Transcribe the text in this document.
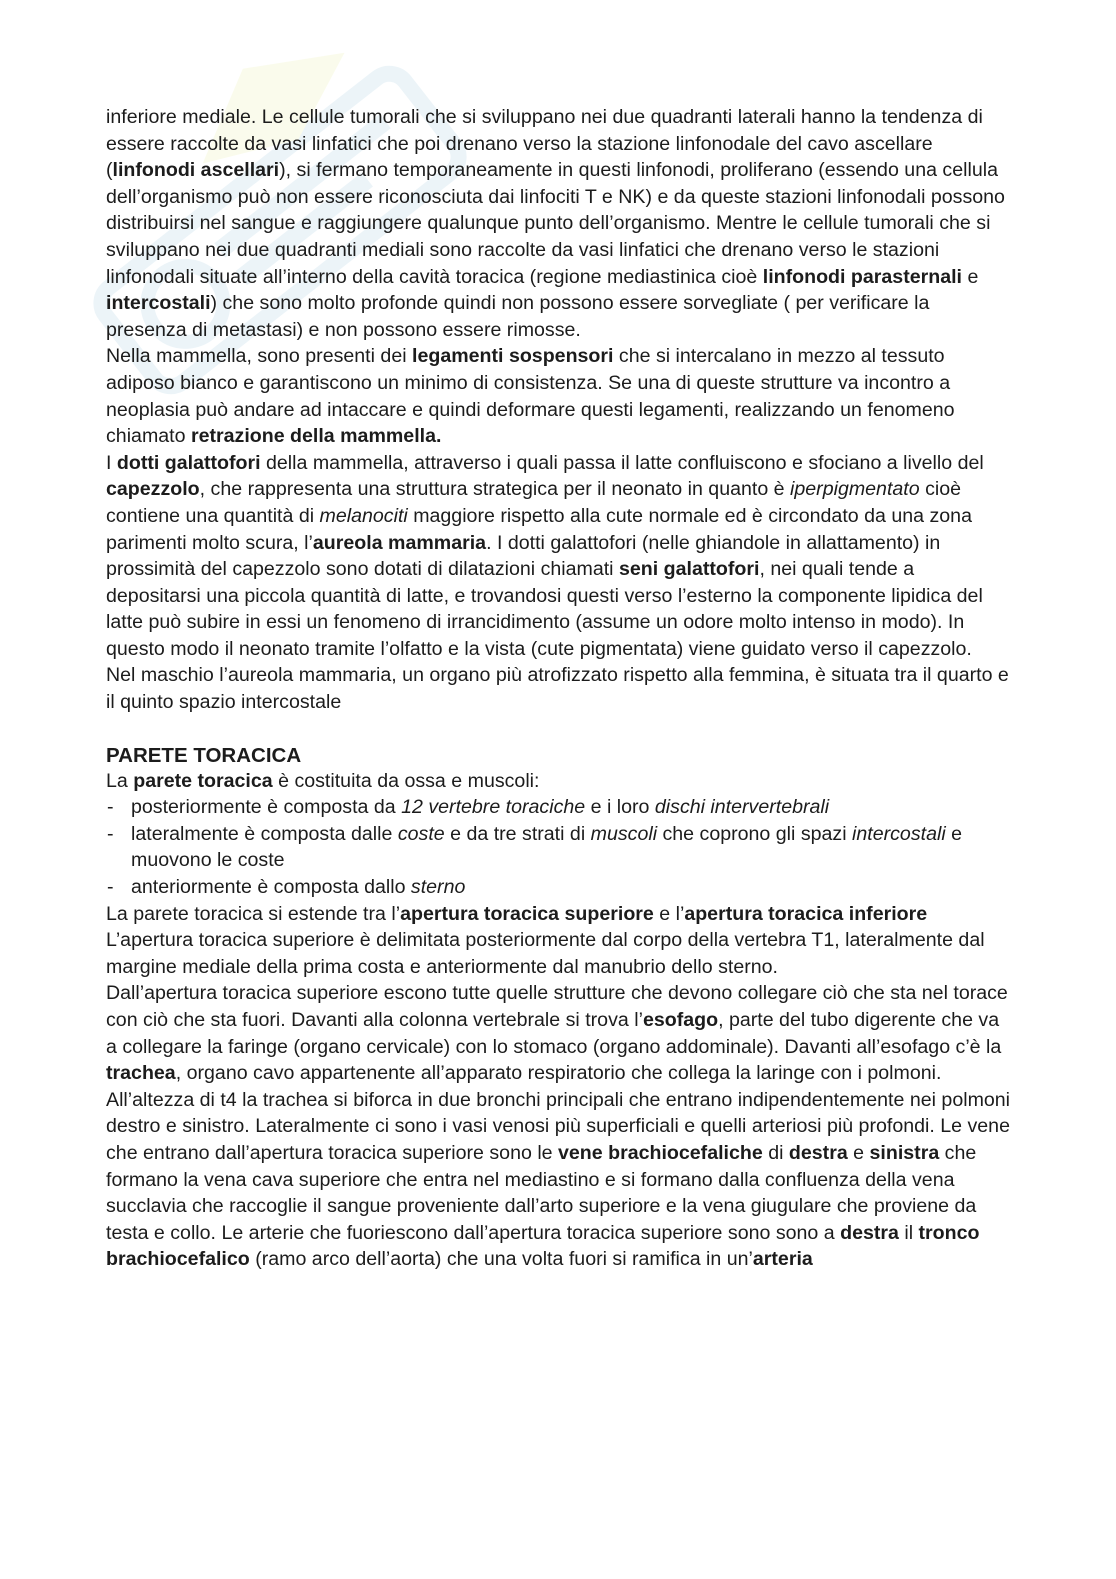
inferiore mediale. Le cellule tumorali che si sviluppano nei due quadranti laterali hanno la tendenza di essere raccolte da vasi linfatici che poi drenano verso la stazione linfonodale del cavo ascellare (linfonodi ascellari), si fermano temporaneamente in questi linfonodi, proliferano (essendo una cellula dell’organismo può non essere riconosciuta dai linfociti T e NK) e da queste stazioni linfonodali possono distribuirsi nel sangue e raggiungere qualunque punto dell’organismo. Mentre le cellule tumorali che si sviluppano nei due quadranti mediali sono raccolte da vasi linfatici che drenano verso le stazioni linfonodali situate all’interno della cavità toracica (regione mediastinica cioè linfonodi parasternali e intercostali) che sono molto profonde quindi non possono essere sorvegliate ( per verificare la presenza di metastasi) e non possono essere rimosse.

Nella mammella, sono presenti dei legamenti sospensori che si intercalano in mezzo al tessuto adiposo bianco e garantiscono un minimo di consistenza. Se una di queste strutture va incontro a neoplasia può andare ad intaccare e quindi deformare questi legamenti, realizzando un fenomeno chiamato retrazione della mammella.

I dotti galattofori della mammella, attraverso i quali passa il latte confluiscono e sfociano a livello del capezzolo, che rappresenta una struttura strategica per il neonato in quanto è iperpigmentato cioè contiene una quantità di melanociti maggiore rispetto alla cute normale ed è circondato da una zona parimenti molto scura, l’aureola mammaria. I dotti galattofori (nelle ghiandole in allattamento) in prossimità del capezzolo sono dotati di dilatazioni chiamati seni galattofori, nei quali tende a depositarsi una piccola quantità di latte, e trovandosi questi verso l’esterno la componente lipidica del latte può subire in essi un fenomeno di irrancidimento (assume un odore molto intenso in modo). In questo modo il neonato tramite l’olfatto e la vista (cute pigmentata) viene guidato verso il capezzolo.

Nel maschio l’aureola mammaria, un organo più atrofizzato rispetto alla femmina, è situata tra il quarto e il quinto spazio intercostale

PARETE TORACICA

La parete toracica è costituita da ossa e muscoli:

- posteriormente è composta da 12 vertebre toraciche e i loro dischi intervertebrali
- lateralmente è composta dalle coste e da tre strati di muscoli che coprono gli spazi intercostali e muovono le coste
- anteriormente è composta dallo sterno

La parete toracica si estende tra l’apertura toracica superiore e l’apertura toracica inferiore

L’apertura toracica superiore è delimitata posteriormente dal corpo della vertebra T1, lateralmente dal margine mediale della prima costa e anteriormente dal manubrio dello sterno.

Dall’apertura toracica superiore escono tutte quelle strutture che devono collegare ciò che sta nel torace con ciò che sta fuori. Davanti alla colonna vertebrale si trova l’esofago, parte del tubo digerente che va a collegare la faringe (organo cervicale) con lo stomaco (organo addominale). Davanti all’esofago c’è la trachea, organo cavo appartenente all’apparato respiratorio che collega la laringe con i polmoni. All’altezza di t4 la trachea si biforca in due bronchi principali che entrano indipendentemente nei polmoni destro e sinistro. Lateralmente ci sono i vasi venosi più superficiali e quelli arteriosi più profondi. Le vene che entrano dall’apertura toracica superiore sono le vene brachiocefaliche di destra e sinistra che formano la vena cava superiore che entra nel mediastino e si formano dalla confluenza della vena succlavia che raccoglie il sangue proveniente dall’arto superiore e la vena giugulare che proviene da testa e collo. Le arterie che fuoriescono dall’apertura toracica superiore sono sono a destra il tronco brachiocefalico (ramo arco dell’aorta) che una volta fuori si ramifica in un’arteria
